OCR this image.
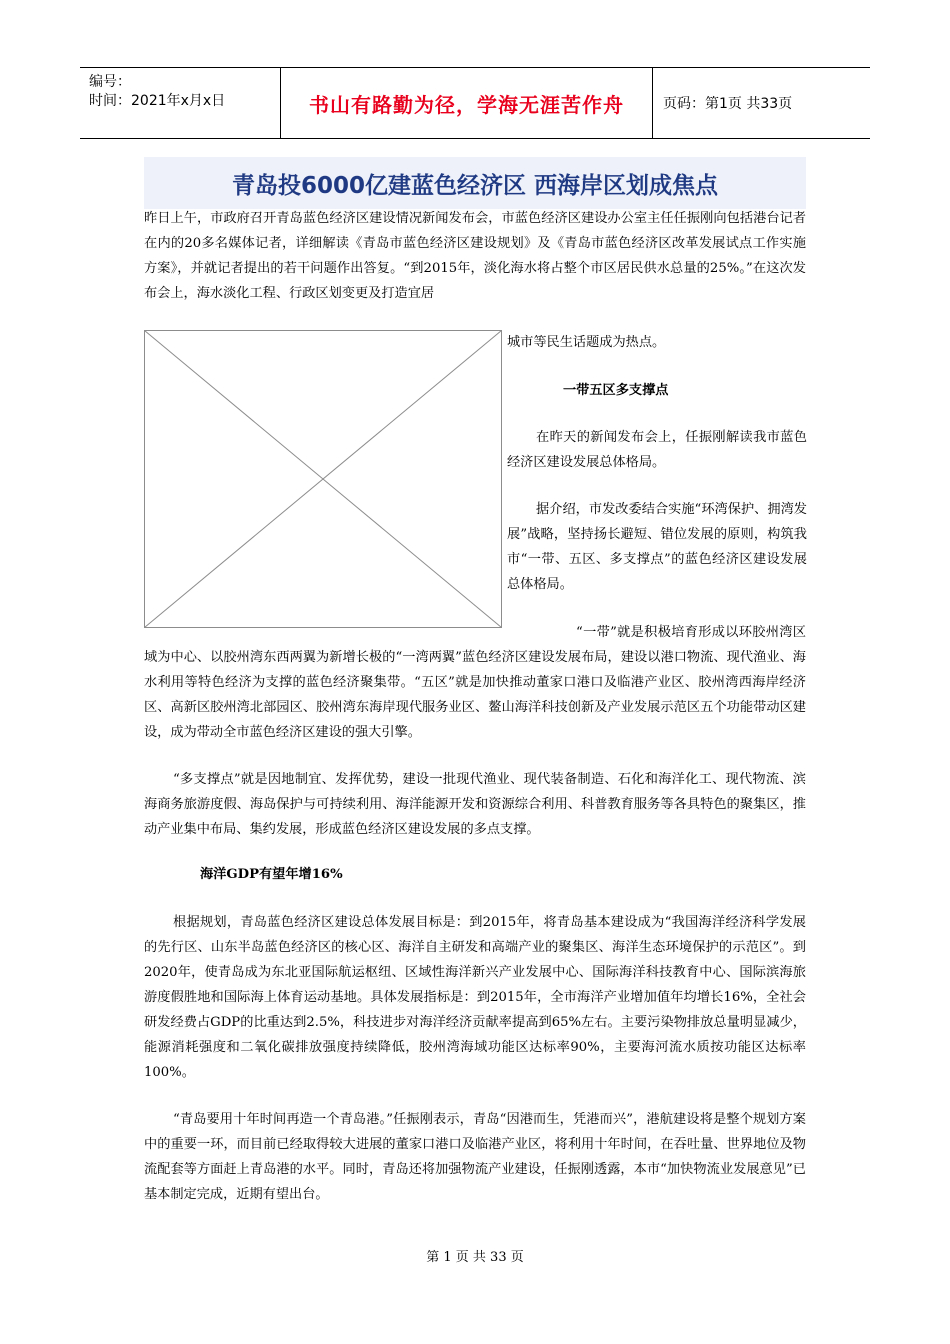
编号：
时间：2021年x月x日	书山有路勤为径，学海无涯苦作舟	页码：第1页 共33页
青岛投6000亿建蓝色经济区 西海岸区划成焦点

昨日上午，市政府召开青岛蓝色经济区建设情况新闻发布会，市蓝色经济区建设办公室主任任振刚向包括港台记者在内的20多名媒体记者，详细解读《青岛市蓝色经济区建设规划》及《青岛市蓝色经济区改革发展试点工作实施方案》，并就记者提出的若干问题作出答复。“到2015年，淡化海水将占整个市区居民供水总量的25%。”在这次发布会上，海水淡化工程、行政区划变更及打造宜居

城市等民生话题成为热点。

一带五区多支撑点

在昨天的新闻发布会上，任振刚解读我市蓝色经济区建设发展总体格局。

据介绍，市发改委结合实施“环湾保护、拥湾发展”战略，坚持扬长避短、错位发展的原则，构筑我市“一带、五区、多支撑点”的蓝色经济区建设发展总体格局。

“一带”就是积极培育形成以环胶州湾区域为中心、以胶州湾东西两翼为新增长极的“一湾两翼”蓝色经济区建设发展布局，建设以港口物流、现代渔业、海水利用等特色经济为支撑的蓝色经济聚集带。“五区”就是加快推动董家口港口及临港产业区、胶州湾西海岸经济区、高新区胶州湾北部园区、胶州湾东海岸现代服务业区、鳌山海洋科技创新及产业发展示范区五个功能带动区建设，成为带动全市蓝色经济区建设的强大引擎。

“多支撑点”就是因地制宜、发挥优势，建设一批现代渔业、现代装备制造、石化和海洋化工、现代物流、滨海商务旅游度假、海岛保护与可持续利用、海洋能源开发和资源综合利用、科普教育服务等各具特色的聚集区，推动产业集中布局、集约发展，形成蓝色经济区建设发展的多点支撑。

海洋GDP有望年增16%

根据规划，青岛蓝色经济区建设总体发展目标是：到2015年，将青岛基本建设成为“我国海洋经济科学发展的先行区、山东半岛蓝色经济区的核心区、海洋自主研发和高端产业的聚集区、海洋生态环境保护的示范区”。到2020年，使青岛成为东北亚国际航运枢纽、区域性海洋新兴产业发展中心、国际海洋科技教育中心、国际滨海旅游度假胜地和国际海上体育运动基地。具体发展指标是：到2015年，全市海洋产业增加值年均增长16%，全社会研发经费占GDP的比重达到2.5%，科技进步对海洋经济贡献率提高到65%左右。主要污染物排放总量明显减少，能源消耗强度和二氧化碳排放强度持续降低，胶州湾海域功能区达标率90%，主要海河流水质按功能区达标率100%。

“青岛要用十年时间再造一个青岛港。”任振刚表示，青岛“因港而生，凭港而兴”，港航建设将是整个规划方案中的重要一环，而目前已经取得较大进展的董家口港口及临港产业区，将利用十年时间，在吞吐量、世界地位及物流配套等方面赶上青岛港的水平。同时，青岛还将加强物流产业建设，任振刚透露，本市“加快物流业发展意见”已基本制定完成，近期有望出台。

第 1 页 共 33 页
